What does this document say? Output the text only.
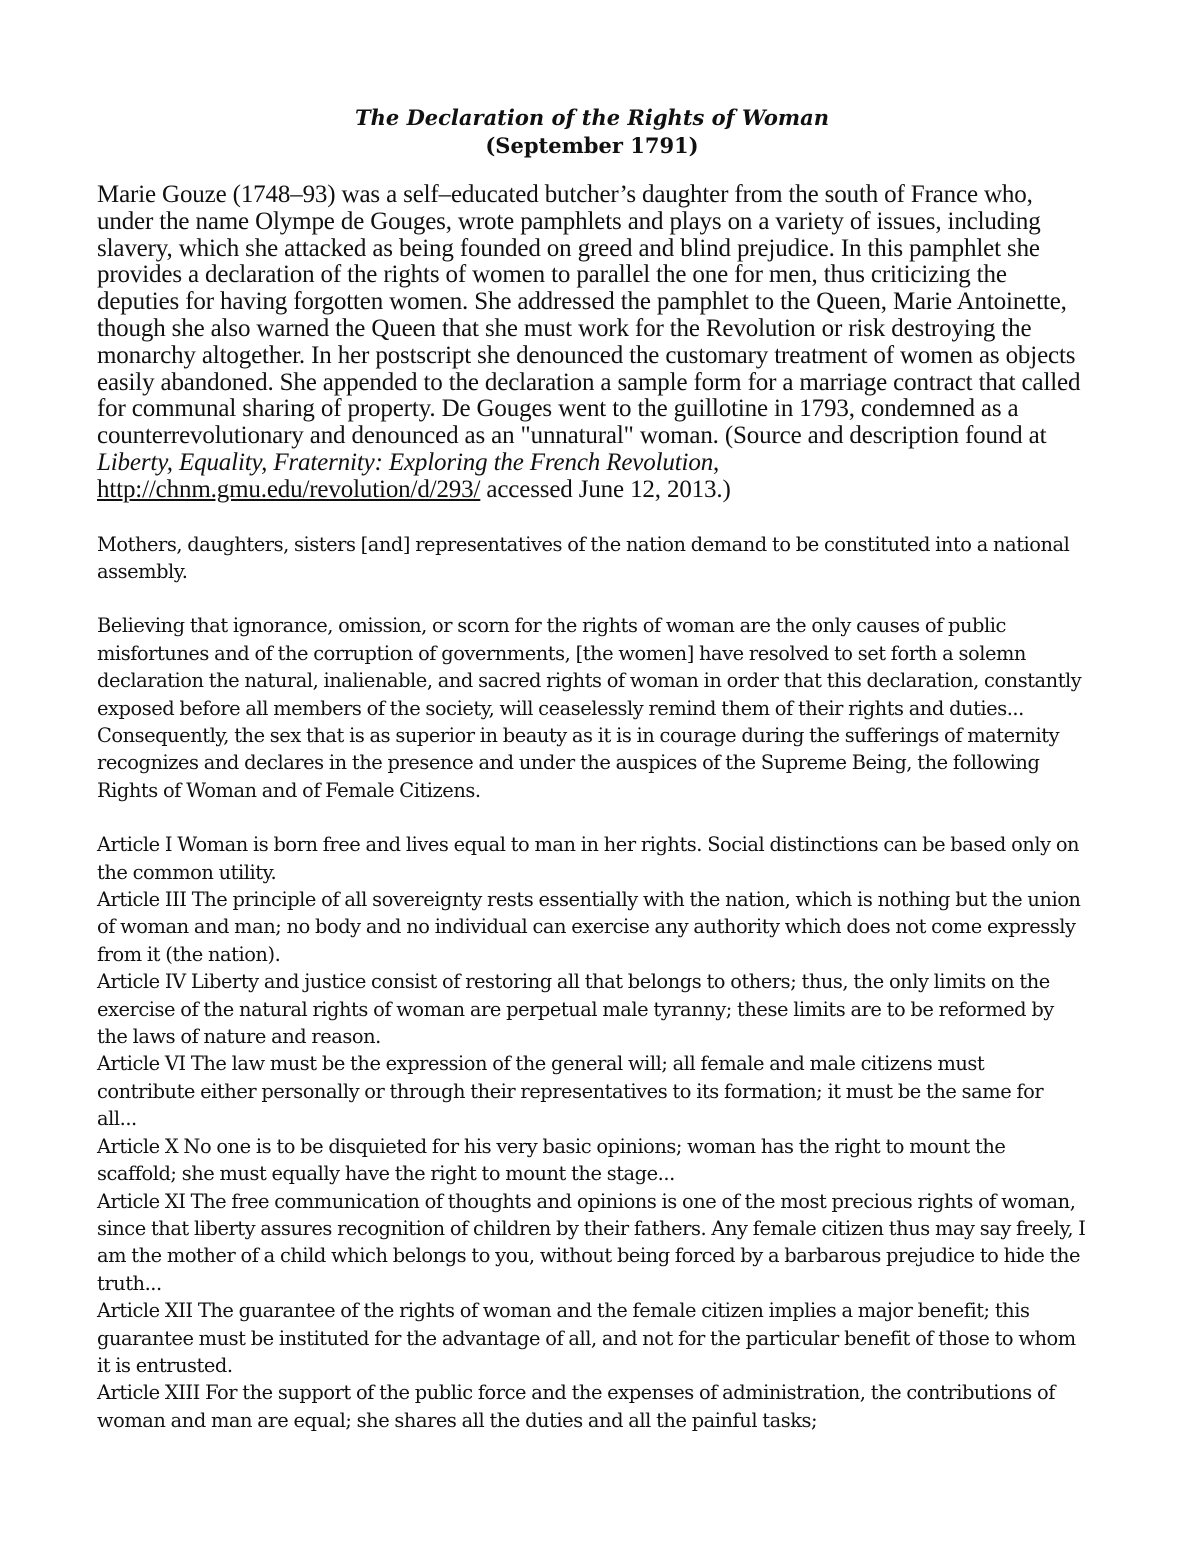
The Declaration of the Rights of Woman
(September 1791)
Marie Gouze (1748–93) was a self–educated butcher’s daughter from the south of France who, under the name Olympe de Gouges, wrote pamphlets and plays on a variety of issues, including slavery, which she attacked as being founded on greed and blind prejudice. In this pamphlet she provides a declaration of the rights of women to parallel the one for men, thus criticizing the deputies for having forgotten women. She addressed the pamphlet to the Queen, Marie Antoinette, though she also warned the Queen that she must work for the Revolution or risk destroying the monarchy altogether. In her postscript she denounced the customary treatment of women as objects easily abandoned. She appended to the declaration a sample form for a marriage contract that called for communal sharing of property. De Gouges went to the guillotine in 1793, condemned as a counterrevolutionary and denounced as an "unnatural" woman. (Source and description found at Liberty, Equality, Fraternity: Exploring the French Revolution, http://chnm.gmu.edu/revolution/d/293/ accessed June 12, 2013.)
Mothers, daughters, sisters [and] representatives of the nation demand to be constituted into a national assembly.
Believing that ignorance, omission, or scorn for the rights of woman are the only causes of public misfortunes and of the corruption of governments, [the women] have resolved to set forth a solemn declaration the natural, inalienable, and sacred rights of woman in order that this declaration, constantly exposed before all members of the society, will ceaselessly remind them of their rights and duties... Consequently, the sex that is as superior in beauty as it is in courage during the sufferings of maternity recognizes and declares in the presence and under the auspices of the Supreme Being, the following Rights of Woman and of Female Citizens.
Article I Woman is born free and lives equal to man in her rights. Social distinctions can be based only on the common utility.
Article III The principle of all sovereignty rests essentially with the nation, which is nothing but the union of woman and man; no body and no individual can exercise any authority which does not come expressly from it (the nation).
Article IV Liberty and justice consist of restoring all that belongs to others; thus, the only limits on the exercise of the natural rights of woman are perpetual male tyranny; these limits are to be reformed by the laws of nature and reason.
Article VI The law must be the expression of the general will; all female and male citizens must contribute either personally or through their representatives to its formation; it must be the same for all...
Article X No one is to be disquieted for his very basic opinions; woman has the right to mount the scaffold; she must equally have the right to mount the stage...
Article XI The free communication of thoughts and opinions is one of the most precious rights of woman, since that liberty assures recognition of children by their fathers. Any female citizen thus may say freely, I am the mother of a child which belongs to you, without being forced by a barbarous prejudice to hide the truth...
Article XII The guarantee of the rights of woman and the female citizen implies a major benefit; this guarantee must be instituted for the advantage of all, and not for the particular benefit of those to whom it is entrusted.
Article XIII For the support of the public force and the expenses of administration, the contributions of woman and man are equal; she shares all the duties and all the painful tasks;
